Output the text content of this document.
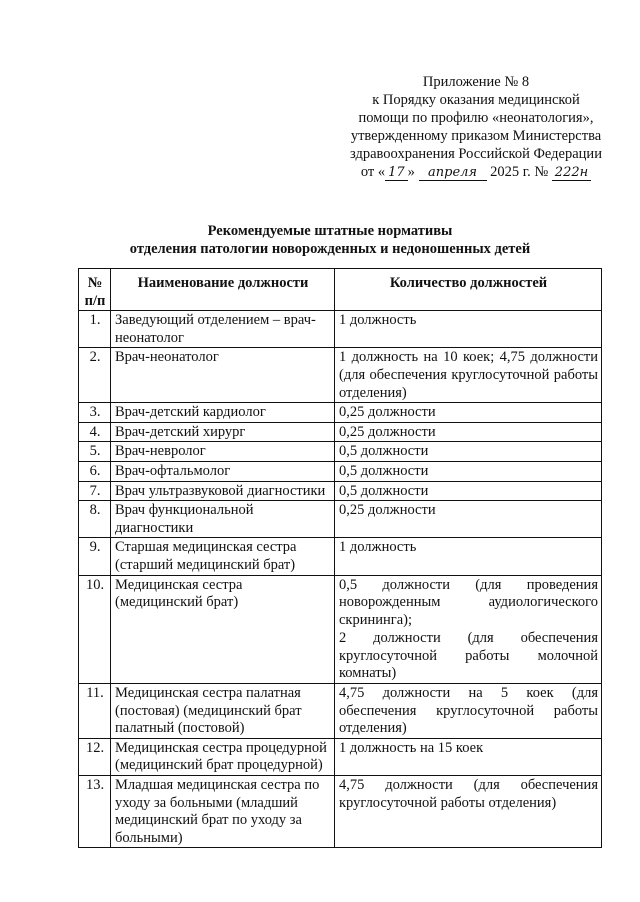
Приложение № 8
к Порядку оказания медицинской
помощи по профилю «неонатология»,
утвержденному приказом Министерства
здравоохранения Российской Федерации
от « 17 » апреля 2025 г. № 222н
Рекомендуемые штатные нормативы
отделения патологии новорожденных и недоношенных детей
№ п/п	Наименование должности	Количество должностей
1.	Заведующий отделением – врач-неонатолог	1 должность

2.	Врач-неонатолог	1 должность на 10 коек; 4,75 должности (для обеспечения круглосуточной работы отделения)

3.	Врач-детский кардиолог	0,25 должности

4.	Врач-детский хирург	0,25 должности

5.	Врач-невролог	0,5 должности

6.	Врач-офтальмолог	0,5 должности

7.	Врач ультразвуковой диагностики	0,5 должности

8.	Врач функциональной диагностики	0,25 должности

9.	Старшая медицинская сестра (старший медицинский брат)	1 должность

10.	Медицинская сестра (медицинский брат)	0,5 должности (для проведения новорожденным аудиологического скрининга);

2 должности (для обеспечения круглосуточной работы молочной комнаты)

11.	Медицинская сестра палатная (постовая) (медицинский брат палатный (постовой)	4,75 должности на 5 коек (для обеспечения круглосуточной работы отделения)

12.	Медицинская сестра процедурной (медицинский брат процедурной)	1 должность на 15 коек

13.	Младшая медицинская сестра по уходу за больными (младший медицинский брат по уходу за больными)	4,75 должности (для обеспечения круглосуточной работы отделения)
